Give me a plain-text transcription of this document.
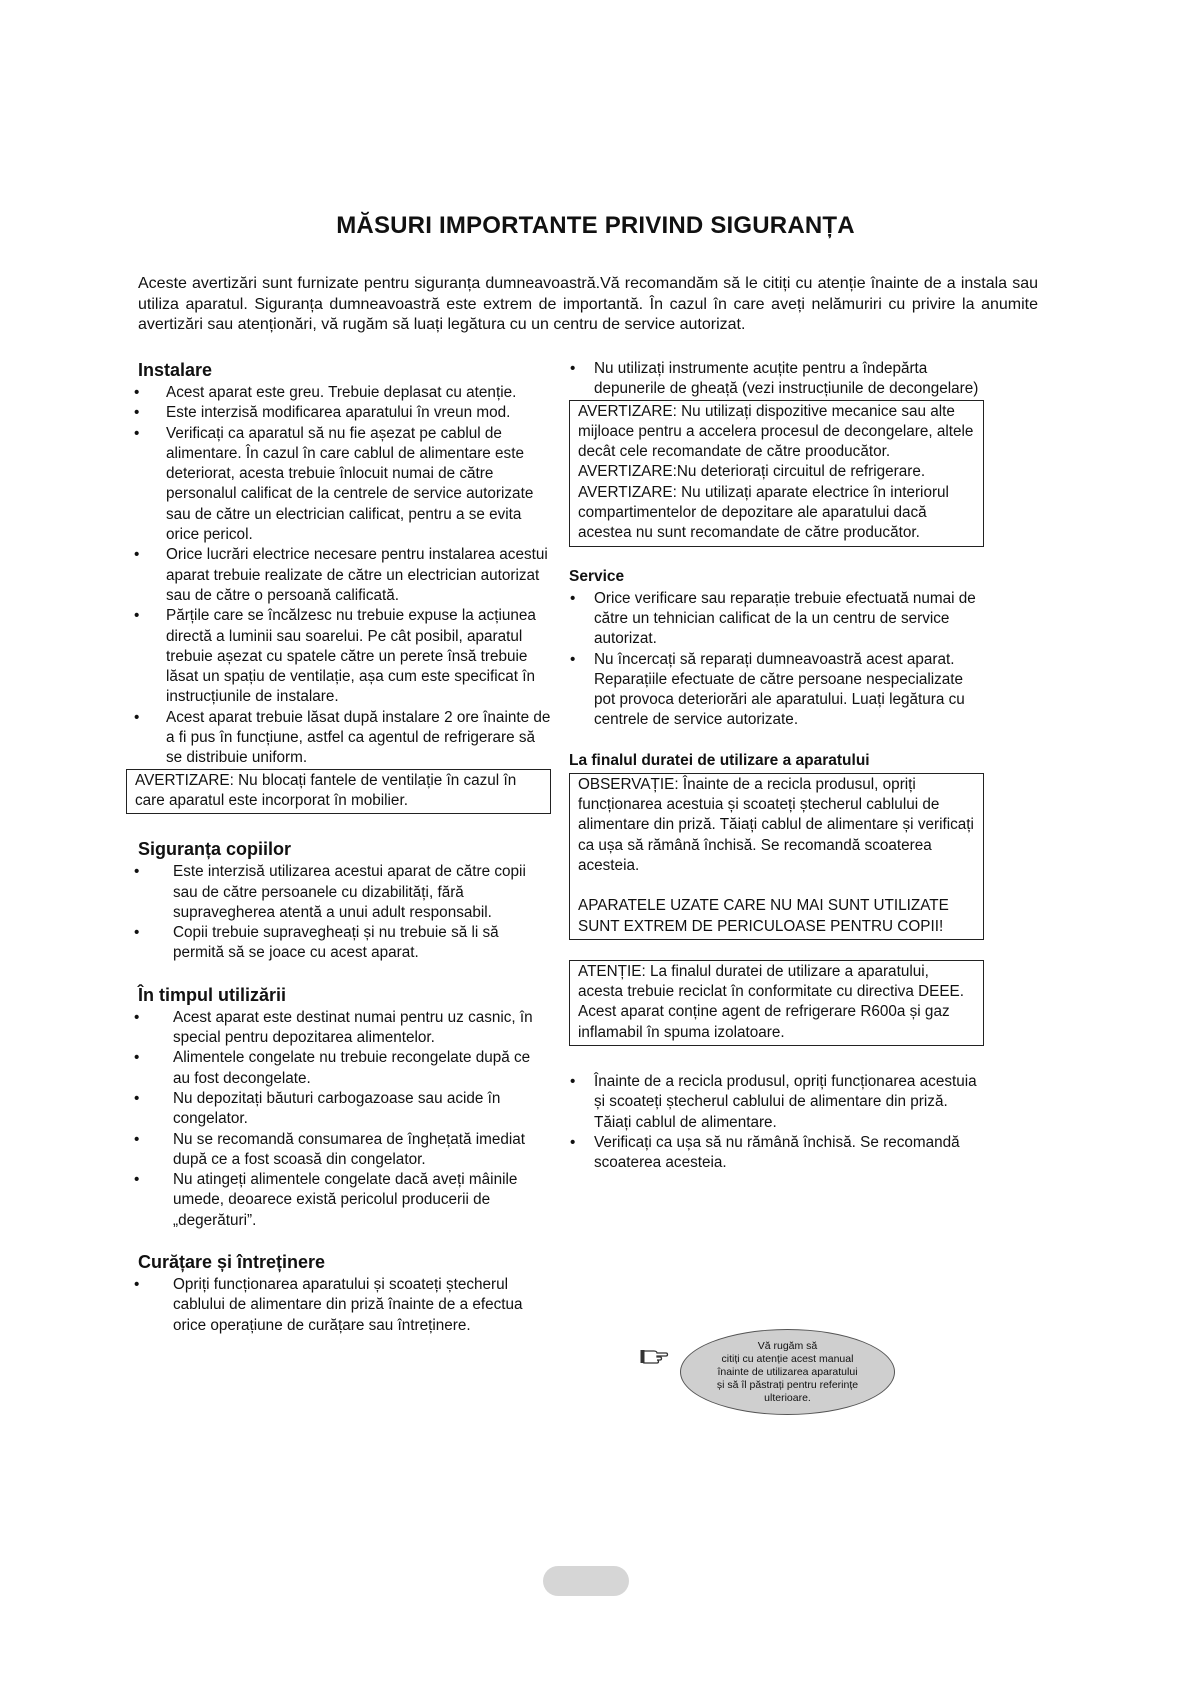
MĂSURI IMPORTANTE PRIVIND SIGURANȚA

Aceste avertizări sunt furnizate pentru siguranța dumneavoastră.Vă recomandăm să le citiți cu atenție înainte de a instala sau utiliza aparatul. Siguranța dumneavoastră este extrem de importantă. În cazul în care aveți nelămuriri cu privire la anumite avertizări sau atenționări, vă rugăm să luați legătura cu un centru de service autorizat.

Instalare
• Acest aparat este greu. Trebuie deplasat cu atenție.
• Este interzisă modificarea aparatului în vreun mod.
• Verificați ca aparatul să nu fie așezat pe cablul de alimentare. În cazul în care cablul de alimentare este deteriorat, acesta trebuie înlocuit numai de către personalul calificat de la centrele de service autorizate sau de către un electrician calificat, pentru a se evita orice pericol.
• Orice lucrări electrice necesare pentru instalarea acestui aparat trebuie realizate de către un electrician autorizat sau de către o persoană calificată.
• Părțile care se încălzesc nu trebuie expuse la acțiunea directă a luminii sau soarelui. Pe cât posibil, aparatul trebuie așezat cu spatele către un perete însă trebuie lăsat un spațiu de ventilație, așa cum este specificat în instrucțiunile de instalare.
• Acest aparat trebuie lăsat după instalare 2 ore înainte de a fi pus în funcțiune, astfel ca agentul de refrigerare să se distribuie uniform.

AVERTIZARE: Nu blocați fantele de ventilație în cazul în care aparatul este incorporat în mobilier.

Siguranța copiilor
• Este interzisă utilizarea acestui aparat de către copii sau de către persoanele cu dizabilități, fără supravegherea atentă a unui adult responsabil.
• Copii trebuie supravegheați și nu trebuie să li să permită să se joace cu acest aparat.
În timpul utilizării
• Acest aparat este destinat numai pentru uz casnic, în special pentru depozitarea alimentelor.
• Alimentele congelate nu trebuie recongelate după ce au fost decongelate.
• Nu depozitați băuturi carbogazoase sau acide în congelator.
• Nu se recomandă consumarea de înghețată imediat după ce a fost scoasă din congelator.
• Nu atingeți alimentele congelate dacă aveți mâinile umede, deoarece există pericolul producerii de „degerături”.
Curățare și întreținere
• Opriți funcționarea aparatului și scoateți ștecherul cablului de alimentare din priză înainte de a efectua orice operațiune de curățare sau întreținere.
• Nu utilizați instrumente acuțite pentru a îndepărta depunerile de gheață (vezi instrucțiunile de decongelare)

AVERTIZARE: Nu utilizați dispozitive mecanice sau alte mijloace pentru a accelera procesul de decongelare, altele decât cele recomandate de către prooducător.

AVERTIZARE:Nu deteriorați circuitul de refrigerare.

AVERTIZARE: Nu utilizați aparate electrice în interiorul compartimentelor de depozitare ale aparatului dacă acestea nu sunt recomandate de către producător.

Service
• Orice verificare sau reparație trebuie efectuată numai de către un tehnician calificat de la un centru de service autorizat.
• Nu încercați să reparați dumneavoastră acest aparat. Reparațiile efectuate de către persoane nespecializate pot provoca deteriorări ale aparatului. Luați legătura cu centrele de service autorizate.
La finalul duratei de utilizare a aparatului

OBSERVAȚIE: Înainte de a recicla produsul, opriți funcționarea acestuia și scoateți ștecherul cablului de alimentare din priză. Tăiați cablul de alimentare și verificați ca ușa să rămână închisă. Se recomandă scoaterea acesteia.

APARATELE UZATE CARE NU MAI SUNT UTILIZATE SUNT EXTREM DE PERICULOASE PENTRU COPII!

ATENȚIE: La finalul duratei de utilizare a aparatului, acesta trebuie reciclat în conformitate cu directiva DEEE. Acest aparat conține agent de refrigerare R600a și gaz inflamabil în spuma izolatoare.

• Înainte de a recicla produsul, opriți funcționarea acestuia și scoateți ștecherul cablului de alimentare din priză. Tăiați cablul de alimentare.
• Verificați ca ușa să nu rămână închisă. Se recomandă scoaterea acesteia.
Vă rugăm să
citiți cu atenție acest manual
înainte de utilizarea aparatului
și să îl păstrați pentru referințe
ulterioare.
